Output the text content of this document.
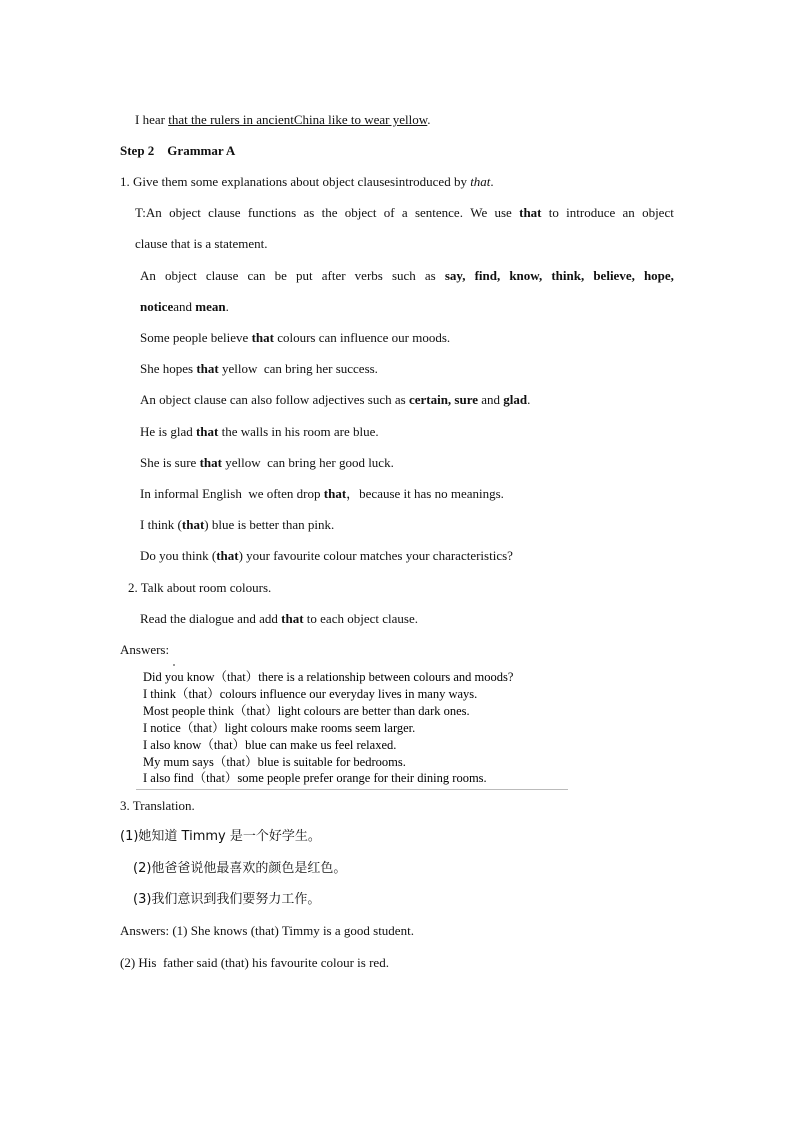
I hear that the rulers in ancientChina like to wear yellow.
Step 2    Grammar A
1. Give them some explanations about object clausesintroduced by that.
T:An object clause functions as the object of a sentence. We use that to introduce an object
clause that is a statement.
An object clause can be put after verbs such as say, find, know, think, believe, hope,
noticeand mean.
Some people believe that colours can influence our moods.
She hopes that yellow  can bring her success.
An object clause can also follow adjectives such as certain, sure and glad.
He is glad that the walls in his room are blue.
She is sure that yellow  can bring her good luck.
In informal English  we often drop that，because it has no meanings.
I think (that) blue is better than pink.
Do you think (that) your favourite colour matches your characteristics?
2. Talk about room colours.
Read the dialogue and add that to each object clause.
Answers:
Did you know（that）there is a relationship between colours and moods?
I think（that）colours influence our everyday lives in many ways.
Most people think（that）light colours are better than dark ones.
I notice（that）light colours make rooms seem larger.
I also know（that）blue can make us feel relaxed.
My mum says（that）blue is suitable for bedrooms.
I also find（that）some people prefer orange for their dining rooms.
3. Translation.
(1)她知道 Timmy 是一个好学生。
(2)他爸爸说他最喜欢的颜色是红色。
(3)我们意识到我们要努力工作。
Answers: (1) She knows (that) Timmy is a good student.
(2) His  father said (that) his favourite colour is red.
